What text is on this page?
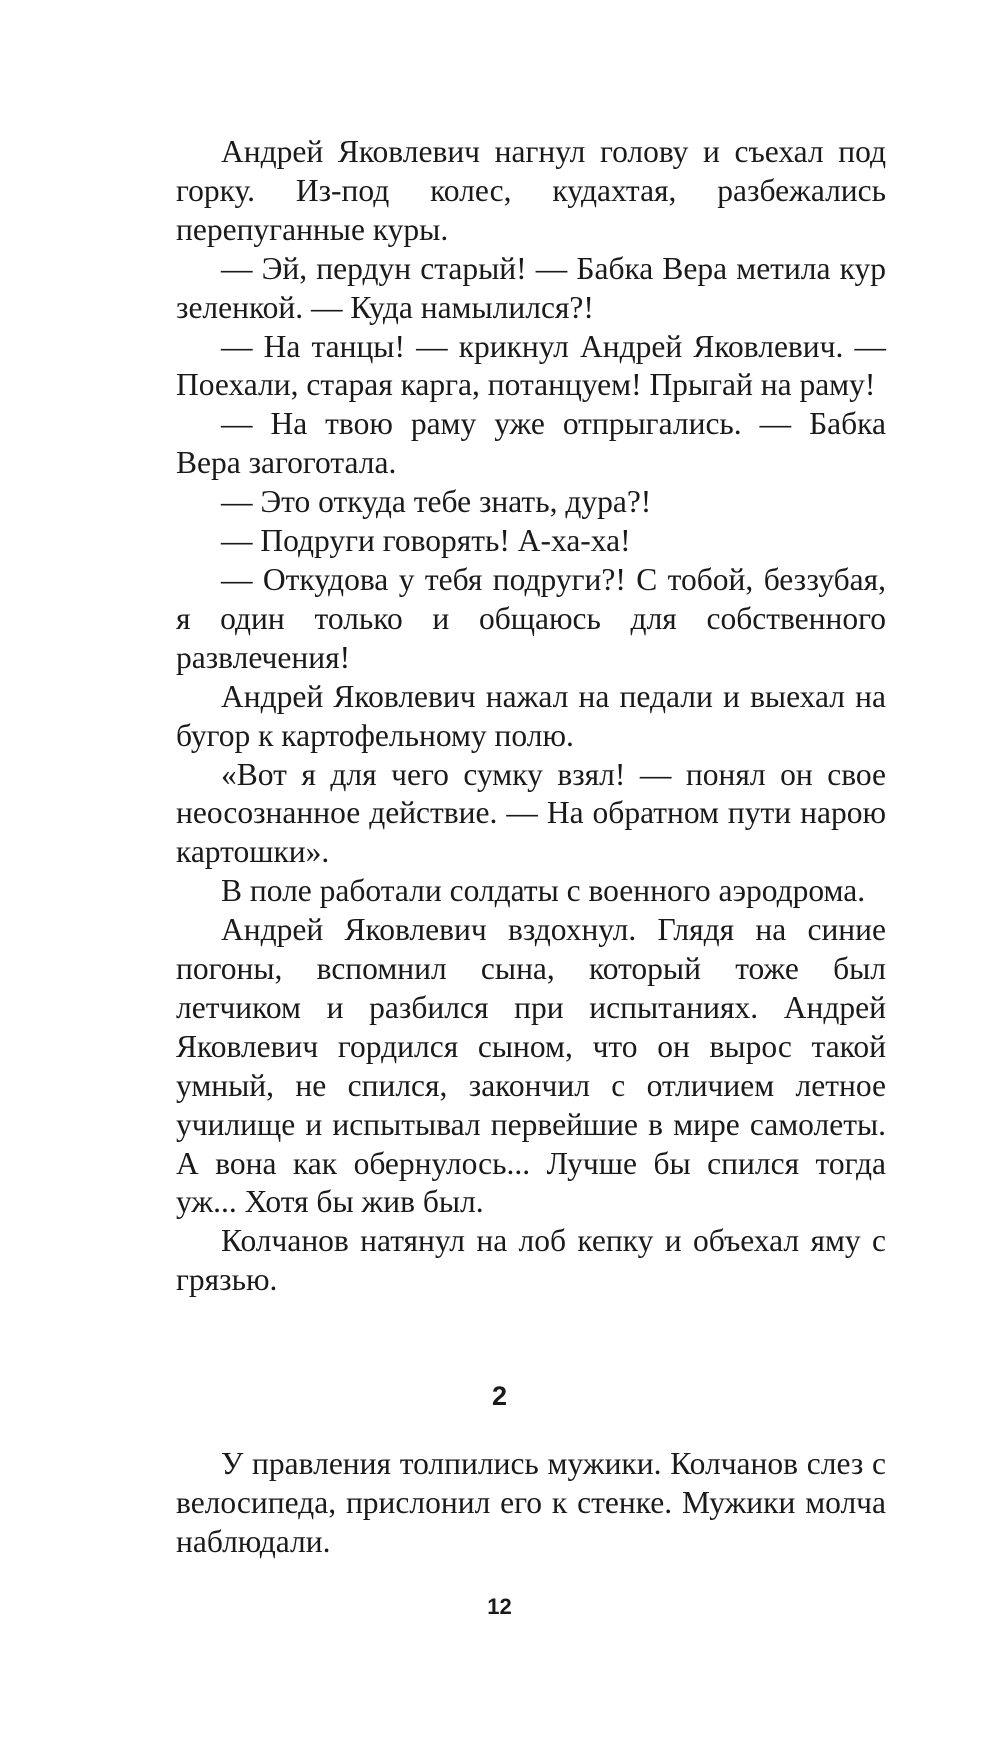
Андрей Яковлевич нагнул голову и съехал под горку. Из-под колес, кудахтая, разбежались перепуганные куры.

— Эй, пердун старый! — Бабка Вера метила кур зеленкой. — Куда намылился?!

— На танцы! — крикнул Андрей Яковлевич. — Поехали, старая карга, потанцуем! Прыгай на раму!

— На твою раму уже отпрыгались. — Бабка Вера загоготала.

— Это откуда тебе знать, дура?!

— Подруги говорять! А-ха-ха!

— Откудова у тебя подруги?! С тобой, беззубая, я один только и общаюсь для собственного развлечения!

Андрей Яковлевич нажал на педали и выехал на бугор к картофельному полю.

«Вот я для чего сумку взял! — понял он свое неосознанное действие. — На обратном пути нарою картошки».

В поле работали солдаты с военного аэродрома.

Андрей Яковлевич вздохнул. Глядя на синие погоны, вспомнил сына, который тоже был летчиком и разбился при испытаниях. Андрей Яковлевич гордился сыном, что он вырос такой умный, не спился, закончил с отличием летное училище и испытывал первейшие в мире самолеты. А вона как обернулось... Лучше бы спился тогда уж... Хотя бы жив был.

Колчанов натянул на лоб кепку и объехал яму с грязью.

2

У правления толпились мужики. Колчанов слез с велосипеда, прислонил его к стенке. Мужики молча наблюдали.

12
